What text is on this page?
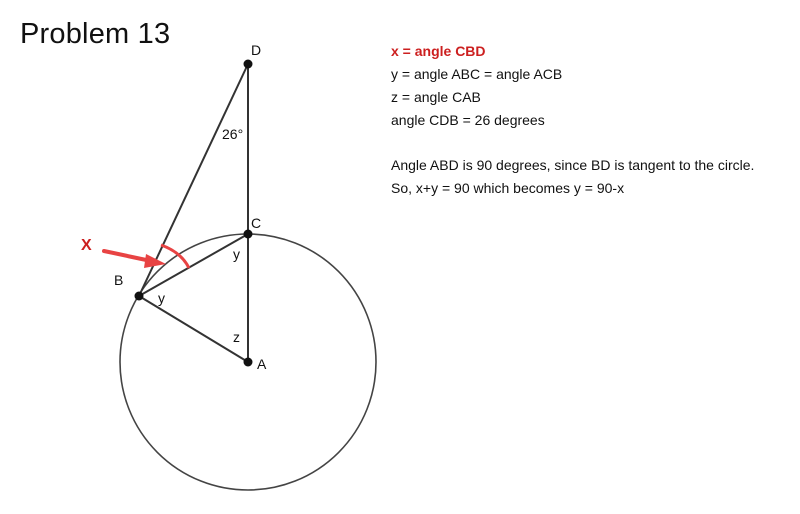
D
C
B
A
26°
y
y
z
X
Problem 13
x = angle CBD
y = angle ABC = angle ACB
z = angle CAB
angle CDB = 26 degrees
Angle ABD is 90 degrees, since BD is tangent to the circle.
So, x+y = 90 which becomes y = 90-x
